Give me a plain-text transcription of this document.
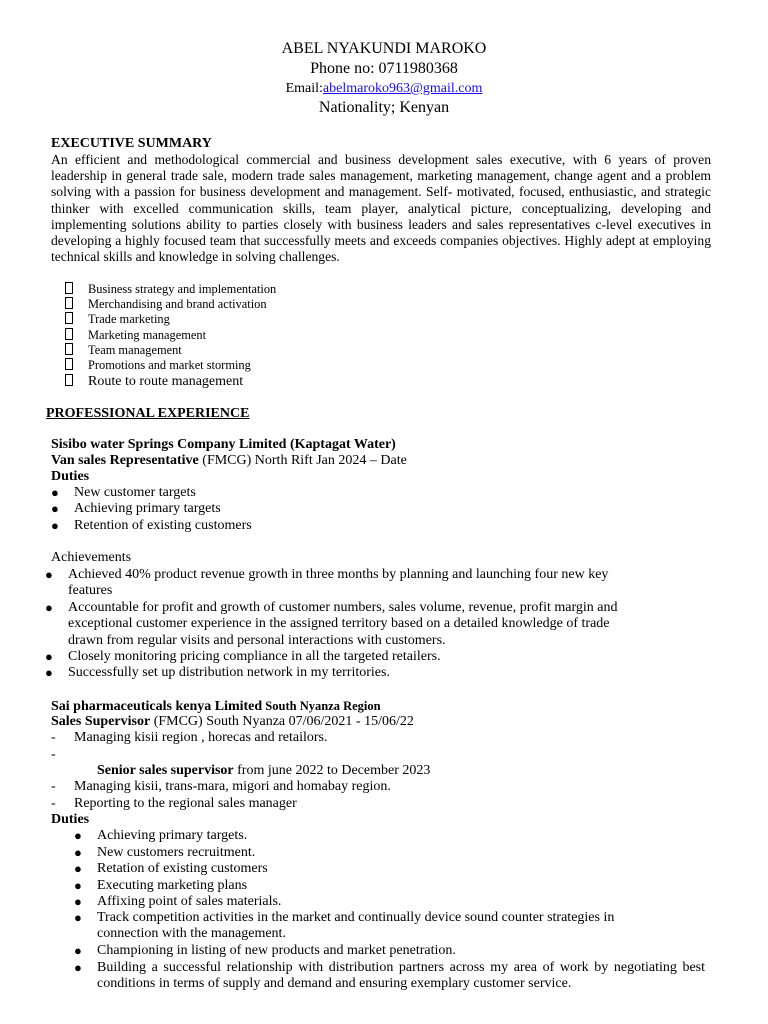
ABEL NYAKUNDI MAROKO
Phone no: 0711980368
Email:abelmaroko963@gmail.com
Nationality; Kenyan
EXECUTIVE SUMMARY

An efficient and methodological commercial and business development sales executive, with 6 years of proven leadership in general trade sale, modern trade sales management, marketing management, change agent and a problem solving with a passion for business development and management. Self- motivated, focused, enthusiastic, and strategic thinker with excelled communication skills, team player, analytical picture, conceptualizing, developing and implementing solutions ability to parties closely with business leaders and sales representatives c-level executives in developing a highly focused team that successfully meets and exceeds companies objectives. Highly adept at employing technical skills and knowledge in solving challenges.

Business strategy and implementation
Merchandising and brand activation
Trade marketing
Marketing management
Team management
Promotions and market storming
Route to route management
PROFESSIONAL EXPERIENCE
Sisibo water Springs Company Limited (Kaptagat Water)
Van sales Representative (FMCG) North Rift Jan 2024 – Date
Duties
● New customer targets
● Achieving primary targets
● Retention of existing customers
Achievements
● Achieved 40% product revenue growth in three months by planning and launching four new key
features
● Accountable for profit and growth of customer numbers, sales volume, revenue, profit margin and
exceptional customer experience in the assigned territory based on a detailed knowledge of trade
drawn from regular visits and personal interactions with customers.
● Closely monitoring pricing compliance in all the targeted retailers.
● Successfully set up distribution network in my territories.
Sai pharmaceuticals kenya Limited South Nyanza Region
Sales Supervisor (FMCG) South Nyanza 07/06/2021 - 15/06/22
- Managing kisii region , horecas and retailors.
-
Senior sales supervisor from june 2022 to December 2023
- Managing kisii, trans-mara, migori and homabay region.
- Reporting to the regional sales manager
Duties
● Achieving primary targets.
● New customers recruitment.
● Retation of existing customers
● Executing marketing plans
● Affixing point of sales materials.
● Track competition activities in the market and continually device sound counter strategies in
connection with the management.
● Championing in listing of new products and market penetration.
● Building a successful relationship with distribution partners across my area of work by negotiating best
conditions in terms of supply and demand and ensuring exemplary customer service.
